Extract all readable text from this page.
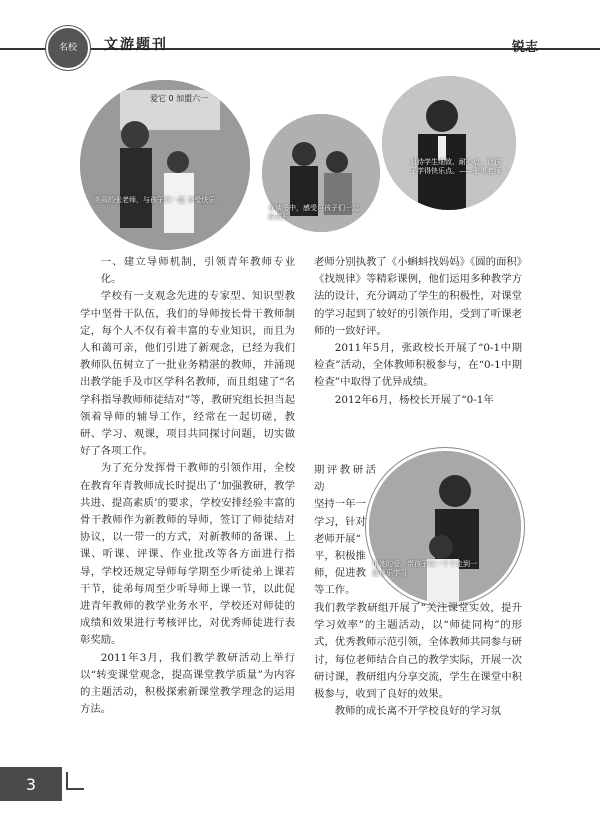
名校 文游题刊	锐志
爱它 0 加盟六一
美丽的张老师，与孩子们一起 享受快乐
在读书中，感受与孩子们一起 的成长
对待学生细致、耐心点，让孩子学得快乐点。——张勇老师

一、建立导师机制，引领青年教师专业化。

学校有一支观念先进的专家型、知识型教学中坚骨干队伍，我们的导师按长骨干教师制定，每个人不仅有着丰富的专业知识，而且为人和蔼可亲，他们引进了新观念，已经为我们教师队伍树立了一批业务精湛的教师，并涌现出教学能手及市区学科名教师，而且组建了“名学科指导教师师徒结对”等，教研究组长担当起领着导师的辅导工作，经常在一起切磋，教研、学习、观课，项目共同探讨问题，切实做好了各项工作。

为了充分发挥骨干教师的引领作用，全校在教育年青教师成长时提出了‘加强教研，教学共进、提高素质’的要求，学校安排经验丰富的骨干教师作为新教师的导师，签订了师徒结对协议，以一带一的方式，对新教师的备课、上课、听课、评课、作业批改等各方面进行指导，学校还规定导师每学期至少听徒弟上课若干节，徒弟每周至少听导师上课一节，以此促进青年教师的教学业务水平，学校还对师徒的成绩和效果进行考核评比，对优秀师徒进行表彰奖励。

2011年3月，我们教学教研活动上举行以“转变课堂观念，提高课堂教学质量”为内容的主题活动，积极探索新课堂教学理念的运用方法。

老师分别执教了《小蝌蚪找妈妈》《圆的面积》《找规律》等精彩课例，他们运用多种教学方法的设计，充分调动了学生的积极性，对课堂的学习起到了较好的引领作用，受到了听课老师的一致好评。

2011年5月，张政校长开展了“0-1中期检查”活动，全体教师积极参与，在“0-1中期检查”中取得了优异成绩。

2012年6月，杨校长开展了“0-1年

期评教研活动
坚持一年一
学习，针对
老师开展“
平，积极推
师，促进教
等工作。
用她的爱，带孩子们一个个走到一起快乐学习

我们教学教研组开展了“关注课堂实效，提升学习效率”的主题活动，以“师徒同构”的形式，优秀教师示范引领，全体教师共同参与研讨，每位老师结合自己的教学实际，开展一次研讨课，教研组内分享交流，学生在课堂中积极参与，收到了良好的效果。

教师的成长离不开学校良好的学习氛

3
